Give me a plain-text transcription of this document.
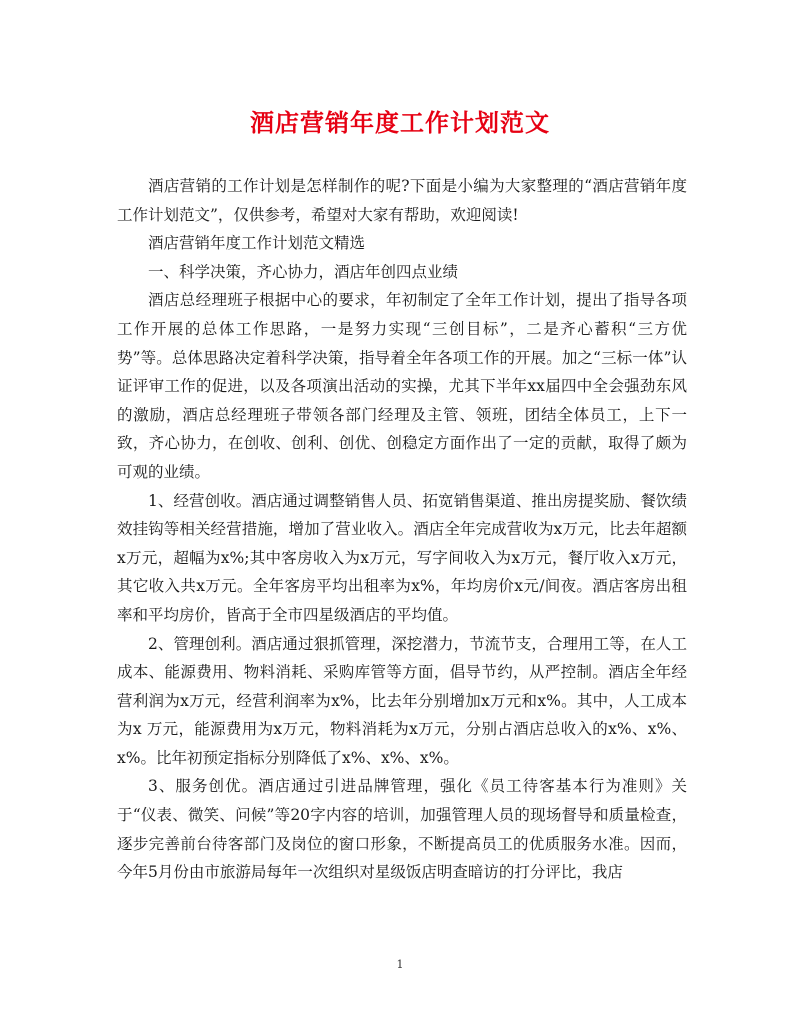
酒店营销年度工作计划范文

酒店营销的工作计划是怎样制作的呢?下面是小编为大家整理的“酒店营销年度工作计划范文”，仅供参考，希望对大家有帮助，欢迎阅读!

酒店营销年度工作计划范文精选

一、科学决策，齐心协力，酒店年创四点业绩

酒店总经理班子根据中心的要求，年初制定了全年工作计划，提出了指导各项工作开展的总体工作思路，一是努力实现“三创目标”，二是齐心蓄积“三方优势”等。总体思路决定着科学决策，指导着全年各项工作的开展。加之“三标一体”认证评审工作的促进，以及各项演出活动的实操，尤其下半年xx届四中全会强劲东风的激励，酒店总经理班子带领各部门经理及主管、领班，团结全体员工，上下一致，齐心协力，在创收、创利、创优、创稳定方面作出了一定的贡献，取得了颇为可观的业绩。

1、经营创收。酒店通过调整销售人员、拓宽销售渠道、推出房提奖励、餐饮绩效挂钩等相关经营措施，增加了营业收入。酒店全年完成营收为x万元，比去年超额x万元，超幅为x%;其中客房收入为x万元，写字间收入为x万元，餐厅收入x万元，其它收入共x万元。全年客房平均出租率为x%，年均房价x元/间夜。酒店客房出租率和平均房价，皆高于全市四星级酒店的平均值。

2、管理创利。酒店通过狠抓管理，深挖潜力，节流节支，合理用工等，在人工成本、能源费用、物料消耗、采购库管等方面，倡导节约，从严控制。酒店全年经营利润为x万元，经营利润率为x%，比去年分别增加x万元和x%。其中，人工成本为x 万元，能源费用为x万元，物料消耗为x万元，分别占酒店总收入的x%、x%、x%。比年初预定指标分别降低了x%、x%、x%。

3、服务创优。酒店通过引进品牌管理，强化《员工待客基本行为准则》关于“仪表、微笑、问候”等20字内容的培训，加强管理人员的现场督导和质量检查，逐步完善前台待客部门及岗位的窗口形象，不断提高员工的优质服务水准。因而，今年5月份由市旅游局每年一次组织对星级饭店明查暗访的打分评比，我店

1
